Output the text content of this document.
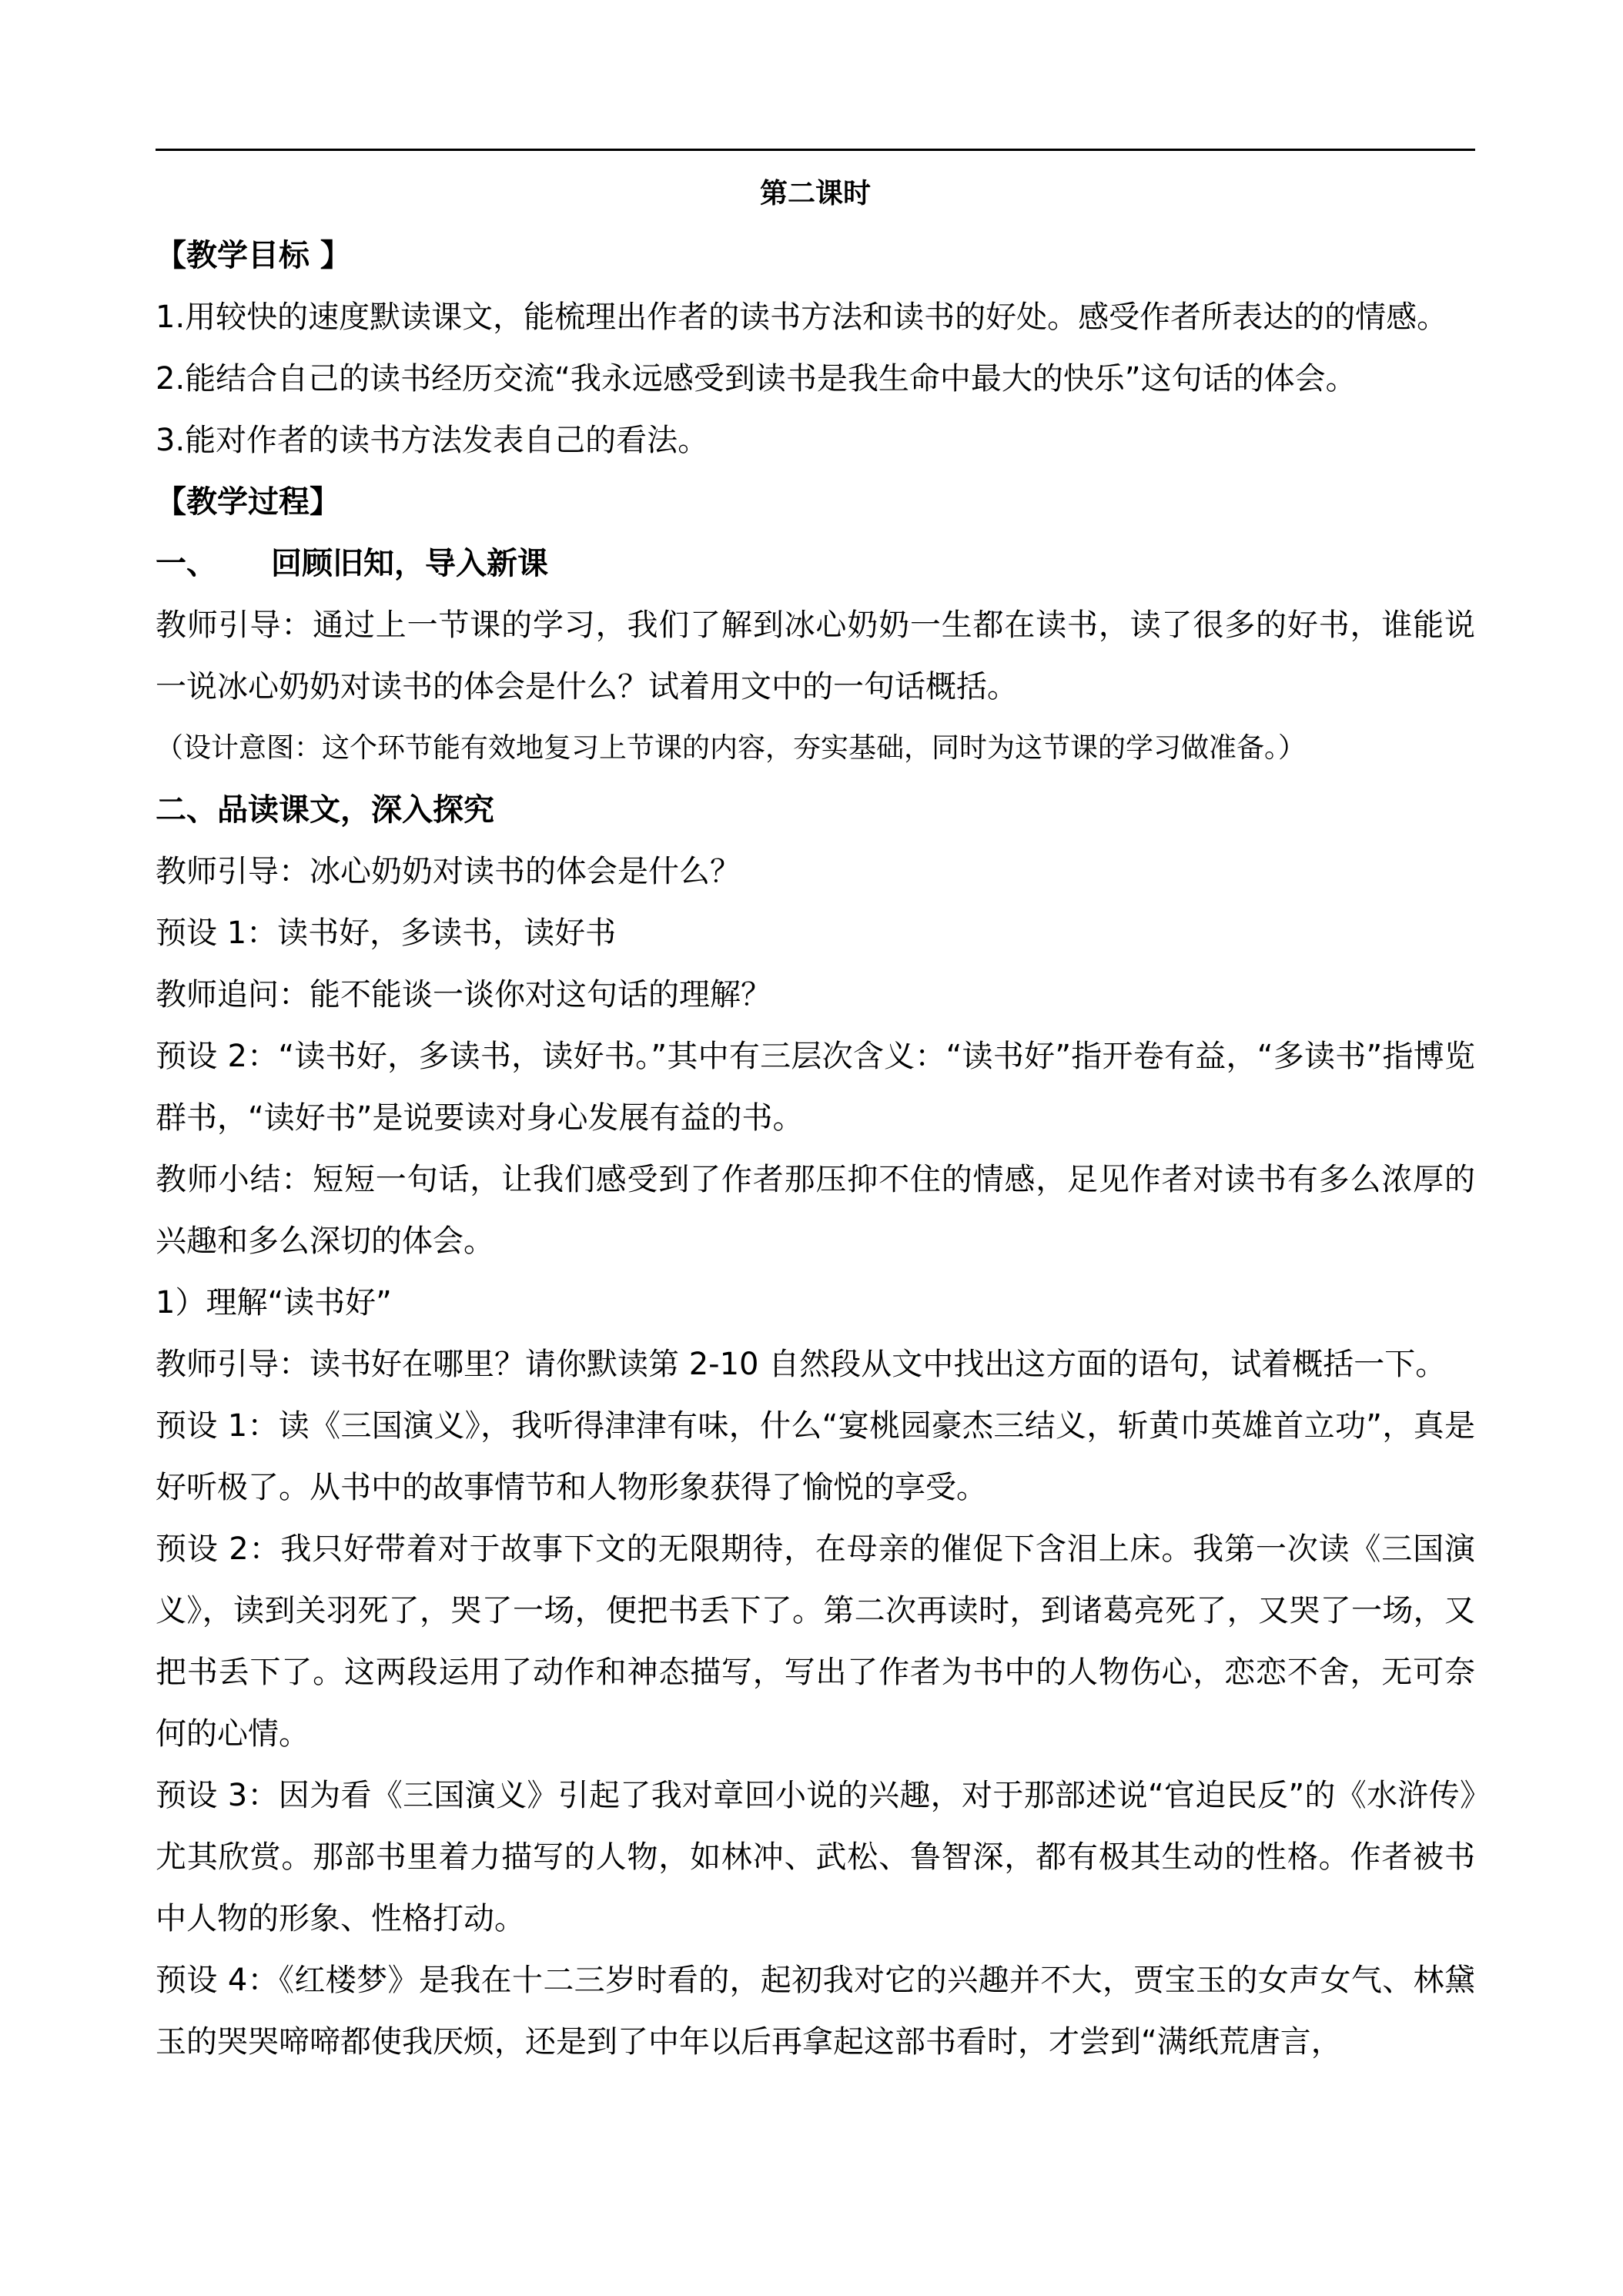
第二课时
【教学目标 】
1.用较快的速度默读课文，能梳理出作者的读书方法和读书的好处。感受作者所表达的的情感。
2.能结合自己的读书经历交流“我永远感受到读书是我生命中最大的快乐”这句话的体会。
3.能对作者的读书方法发表自己的看法。
【教学过程】
一、 回顾旧知，导入新课
教师引导：通过上一节课的学习，我们了解到冰心奶奶一生都在读书，读了很多的好书，谁能说一说冰心奶奶对读书的体会是什么？试着用文中的一句话概括。
（设计意图：这个环节能有效地复习上节课的内容，夯实基础，同时为这节课的学习做准备。）
二、品读课文，深入探究
教师引导：冰心奶奶对读书的体会是什么？
预设 1：读书好，多读书，读好书
教师追问：能不能谈一谈你对这句话的理解？
预设 2：“读书好，多读书，读好书。”其中有三层次含义：“读书好”指开卷有益，“多读书”指博览群书，“读好书”是说要读对身心发展有益的书。
教师小结：短短一句话，让我们感受到了作者那压抑不住的情感，足见作者对读书有多么浓厚的兴趣和多么深切的体会。
1）理解“读书好”
教师引导：读书好在哪里？请你默读第 2-10 自然段从文中找出这方面的语句，试着概括一下。
预设 1：读《三国演义》，我听得津津有味，什么“宴桃园豪杰三结义，斩黄巾英雄首立功”，真是好听极了。从书中的故事情节和人物形象获得了愉悦的享受。
预设 2：我只好带着对于故事下文的无限期待，在母亲的催促下含泪上床。我第一次读《三国演义》，读到关羽死了，哭了一场，便把书丢下了。第二次再读时，到诸葛亮死了，又哭了一场，又把书丢下了。这两段运用了动作和神态描写，写出了作者为书中的人物伤心，恋恋不舍，无可奈何的心情。
预设 3：因为看《三国演义》引起了我对章回小说的兴趣，对于那部述说“官迫民反”的《水浒传》尤其欣赏。那部书里着力描写的人物，如林冲、武松、鲁智深，都有极其生动的性格。作者被书中人物的形象、性格打动。
预设 4：《红楼梦》是我在十二三岁时看的，起初我对它的兴趣并不大，贾宝玉的女声女气、林黛玉的哭哭啼啼都使我厌烦，还是到了中年以后再拿起这部书看时，才尝到“满纸荒唐言，
